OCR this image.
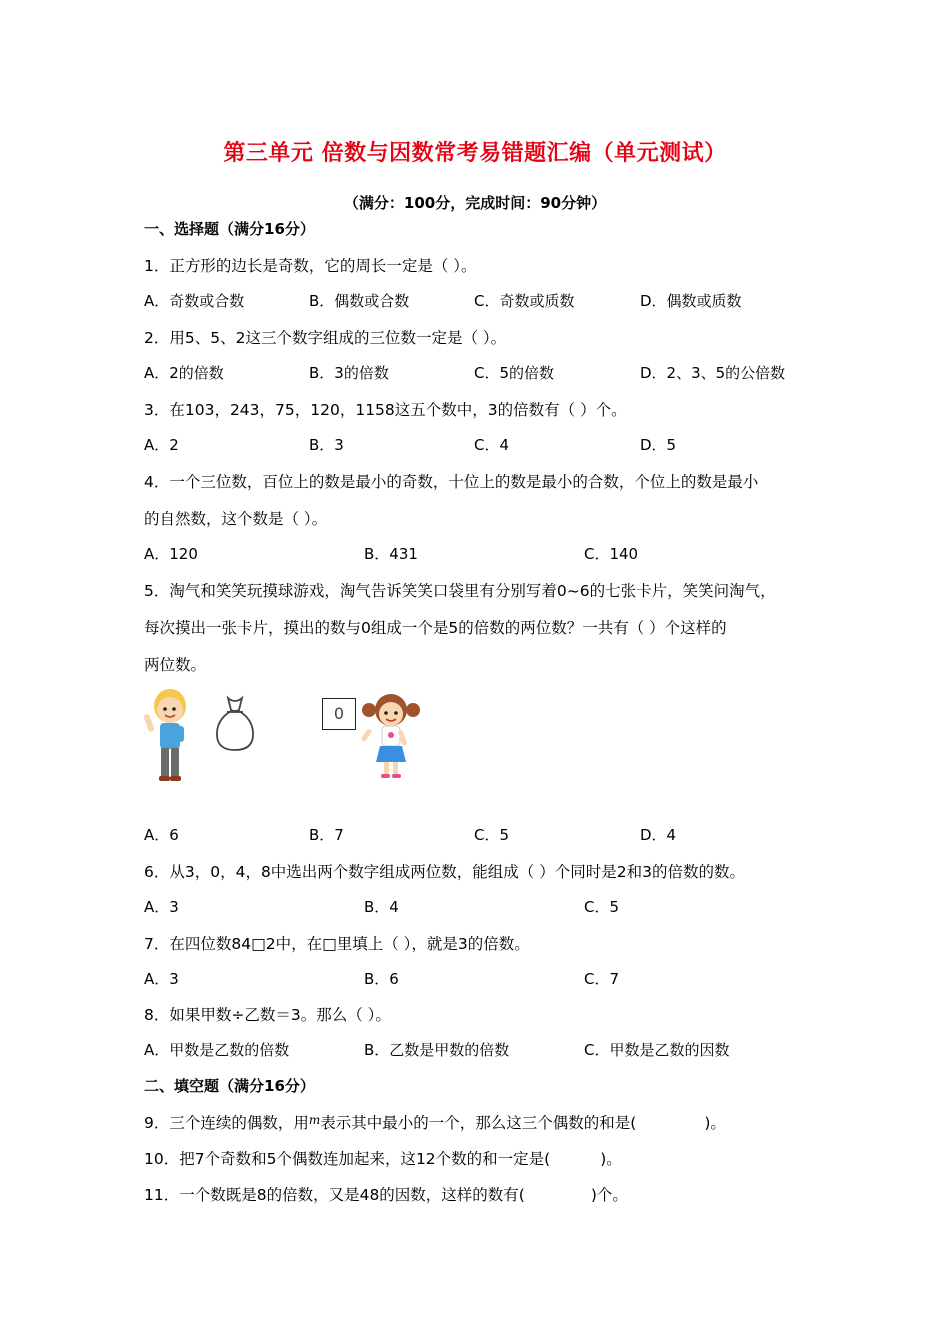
第三单元 倍数与因数常考易错题汇编（单元测试）
（满分：100分，完成时间：90分钟）
一、选择题（满分16分）
1．正方形的边长是奇数，它的周长一定是（ ）。
A．奇数或合数	B．偶数或合数	C．奇数或质数	D．偶数或质数
2．用5、5、2这三个数字组成的三位数一定是（ ）。
A．2的倍数	B．3的倍数	C．5的倍数	D．2、3、5的公倍数
3．在103，243，75，120，1158这五个数中，3的倍数有（ ）个。
A．2	B．3	C．4	D．5
4．一个三位数，百位上的数是最小的奇数，十位上的数是最小的合数，个位上的数是最小
的自然数，这个数是（ ）。
A．120	B．431	C．140
5．淘气和笑笑玩摸球游戏，淘气告诉笑笑口袋里有分别写着0~6的七张卡片，笑笑问淘气，
每次摸出一张卡片，摸出的数与0组成一个是5的倍数的两位数？一共有（ ）个这样的
两位数。
0
A．6	B．7	C．5	D．4
6．从3，0，4，8中选出两个数字组成两位数，能组成（ ）个同时是2和3的倍数的数。
A．3	B．4	C．5
7．在四位数84□2中，在□里填上（ ），就是3的倍数。
A．3	B．6	C．7
8．如果甲数÷乙数＝3。那么（ ）。
A．甲数是乙数的倍数	B．乙数是甲数的倍数	C．甲数是乙数的因数
二、填空题（满分16分）
9．三个连续的偶数，用$^m$表示其中最小的一个，那么这三个偶数的和是(	)。
10．把7个奇数和5个偶数连加起来，这12个数的和一定是(	)。
11．一个数既是8的倍数，又是48的因数，这样的数有(	)个。
